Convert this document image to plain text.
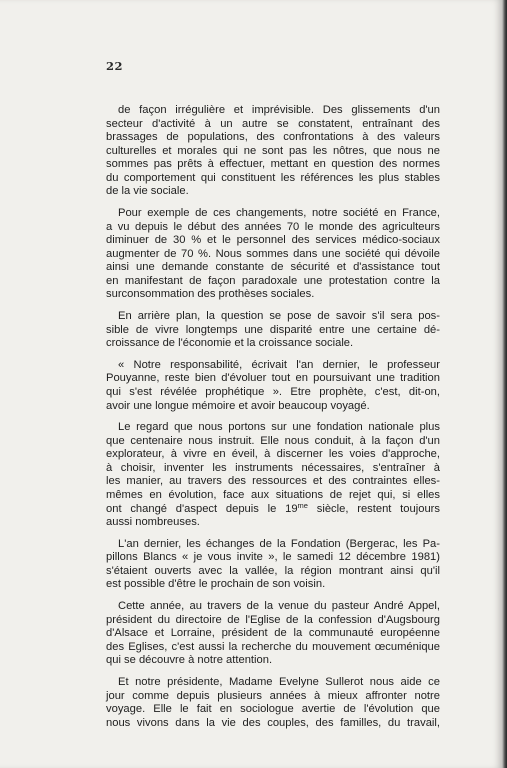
22
de façon irrégulière et imprévisible. Des glissements d'un
secteur d'activité à un autre se constatent, entraînant des
brassages de populations, des confrontations à des valeurs
culturelles et morales qui ne sont pas les nôtres, que nous ne
sommes pas prêts à effectuer, mettant en question des normes
du comportement qui constituent les références les plus stables
de la vie sociale.
Pour exemple de ces changements, notre société en France,
a vu depuis le début des années 70 le monde des agriculteurs
diminuer de 30 % et le personnel des services médico-sociaux
augmenter de 70 %. Nous sommes dans une société qui dévoile
ainsi une demande constante de sécurité et d'assistance tout
en manifestant de façon paradoxale une protestation contre la
surconsommation des prothèses sociales.
En arrière plan, la question se pose de savoir s'il sera pos-
sible de vivre longtemps une disparité entre une certaine dé-
croissance de l'économie et la croissance sociale.
« Notre responsabilité, écrivait l'an dernier, le professeur
Pouyanne, reste bien d'évoluer tout en poursuivant une tradition
qui s'est révélée prophétique ». Etre prophète, c'est, dit-on,
avoir une longue mémoire et avoir beaucoup voyagé.
Le regard que nous portons sur une fondation nationale plus
que centenaire nous instruit. Elle nous conduit, à la façon d'un
explorateur, à vivre en éveil, à discerner les voies d'approche,
à choisir, inventer les instruments nécessaires, s'entraîner à
les manier, au travers des ressources et des contraintes elles-
mêmes en évolution, face aux situations de rejet qui, si elles
ont changé d'aspect depuis le $19^{me}$ siècle, restent toujours
aussi nombreuses.
L'an dernier, les échanges de la Fondation (Bergerac, les Pa-
pillons Blancs « je vous invite », le samedi 12 décembre 1981)
s'étaient ouverts avec la vallée, la région montrant ainsi qu'il
est possible d'être le prochain de son voisin.
Cette année, au travers de la venue du pasteur André Appel,
président du directoire de l'Eglise de la confession d'Augsbourg
d'Alsace et Lorraine, président de la communauté européenne
des Eglises, c'est aussi la recherche du mouvement œcuménique
qui se découvre à notre attention.
Et notre présidente, Madame Evelyne Sullerot nous aide ce
jour comme depuis plusieurs années à mieux affronter notre
voyage. Elle le fait en sociologue avertie de l'évolution que
nous vivons dans la vie des couples, des familles, du travail,
